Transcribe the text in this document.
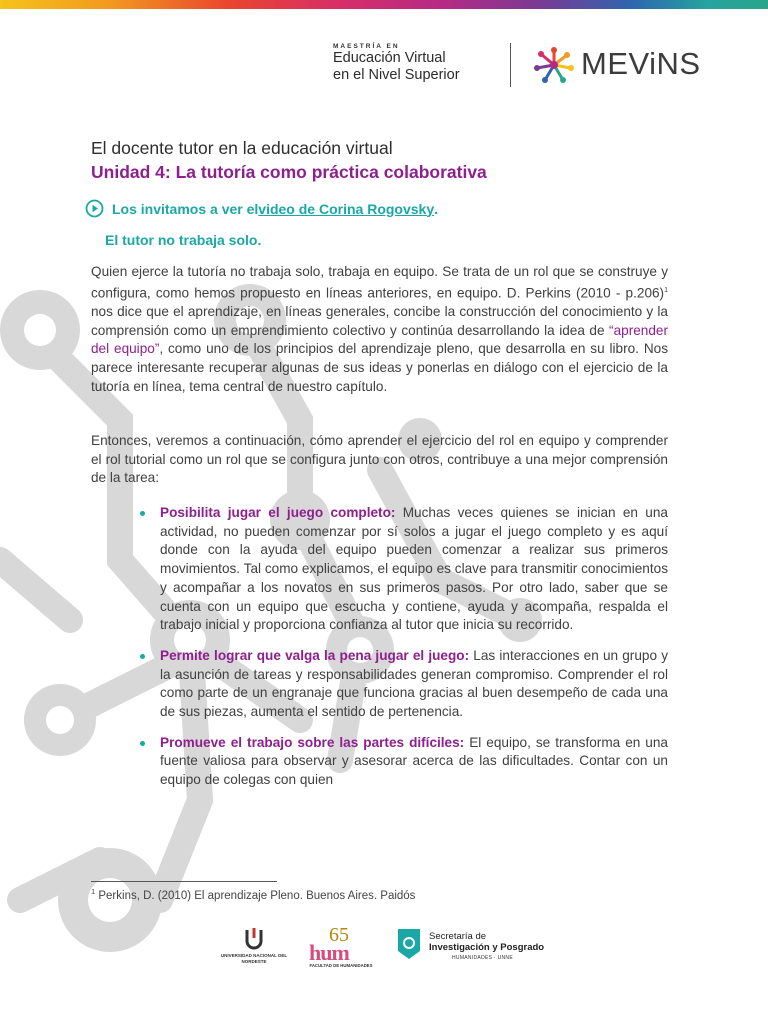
MAESTRÍA EN
Educación Virtual
en el Nivel Superior	MEViNS
El docente tutor en la educación virtual
Unidad 4: La tutoría como práctica colaborativa
Los invitamos a ver el video de Corina Rogovsky .
El tutor no trabaja solo.

Quien ejerce la tutoría no trabaja solo, trabaja en equipo. Se trata de un rol que se construye y configura, como hemos propuesto en líneas anteriores, en equipo. D. Perkins (2010 - p.206)$^1$ nos dice que el aprendizaje, en líneas generales, concibe la construcción del conocimiento y la comprensión como un emprendimiento colectivo y continúa desarrollando la idea de “aprender del equipo”, como uno de los principios del aprendizaje pleno, que desarrolla en su libro. Nos parece interesante recuperar algunas de sus ideas y ponerlas en diálogo con el ejercicio de la tutoría en línea, tema central de nuestro capítulo.

Entonces, veremos a continuación, cómo aprender el ejercicio del rol en equipo y comprender el rol tutorial como un rol que se configura junto con otros, contribuye a una mejor comprensión de la tarea:

Posibilita jugar el juego completo: Muchas veces quienes se inician en una actividad, no pueden comenzar por sí solos a jugar el juego completo y es aquí donde con la ayuda del equipo pueden comenzar a realizar sus primeros movimientos. Tal como explicamos, el equipo es clave para transmitir conocimientos y acompañar a los novatos en sus primeros pasos. Por otro lado, saber que se cuenta con un equipo que escucha y contiene, ayuda y acompaña, respalda el trabajo inicial y proporciona confianza al tutor que inicia su recorrido.
Permite lograr que valga la pena jugar el juego: Las interacciones en un grupo y la asunción de tareas y responsabilidades generan compromiso. Comprender el rol como parte de un engranaje que funciona gracias al buen desempeño de cada una de sus piezas, aumenta el sentido de pertenencia.
Promueve el trabajo sobre las partes difíciles: El equipo, se transforma en una fuente valiosa para observar y asesorar acerca de las dificultades. Contar con un equipo de colegas con quien
$^1$ Perkins, D. (2010) El aprendizaje Pleno. Buenos Aires. Paidós
UNIVERSIDAD NACIONAL DEL NORDESTE
65
hum
FACULTAD DE HUMANIDADES
Secretaría de
Investigación y Posgrado
HUMANIDADES · UNNE
